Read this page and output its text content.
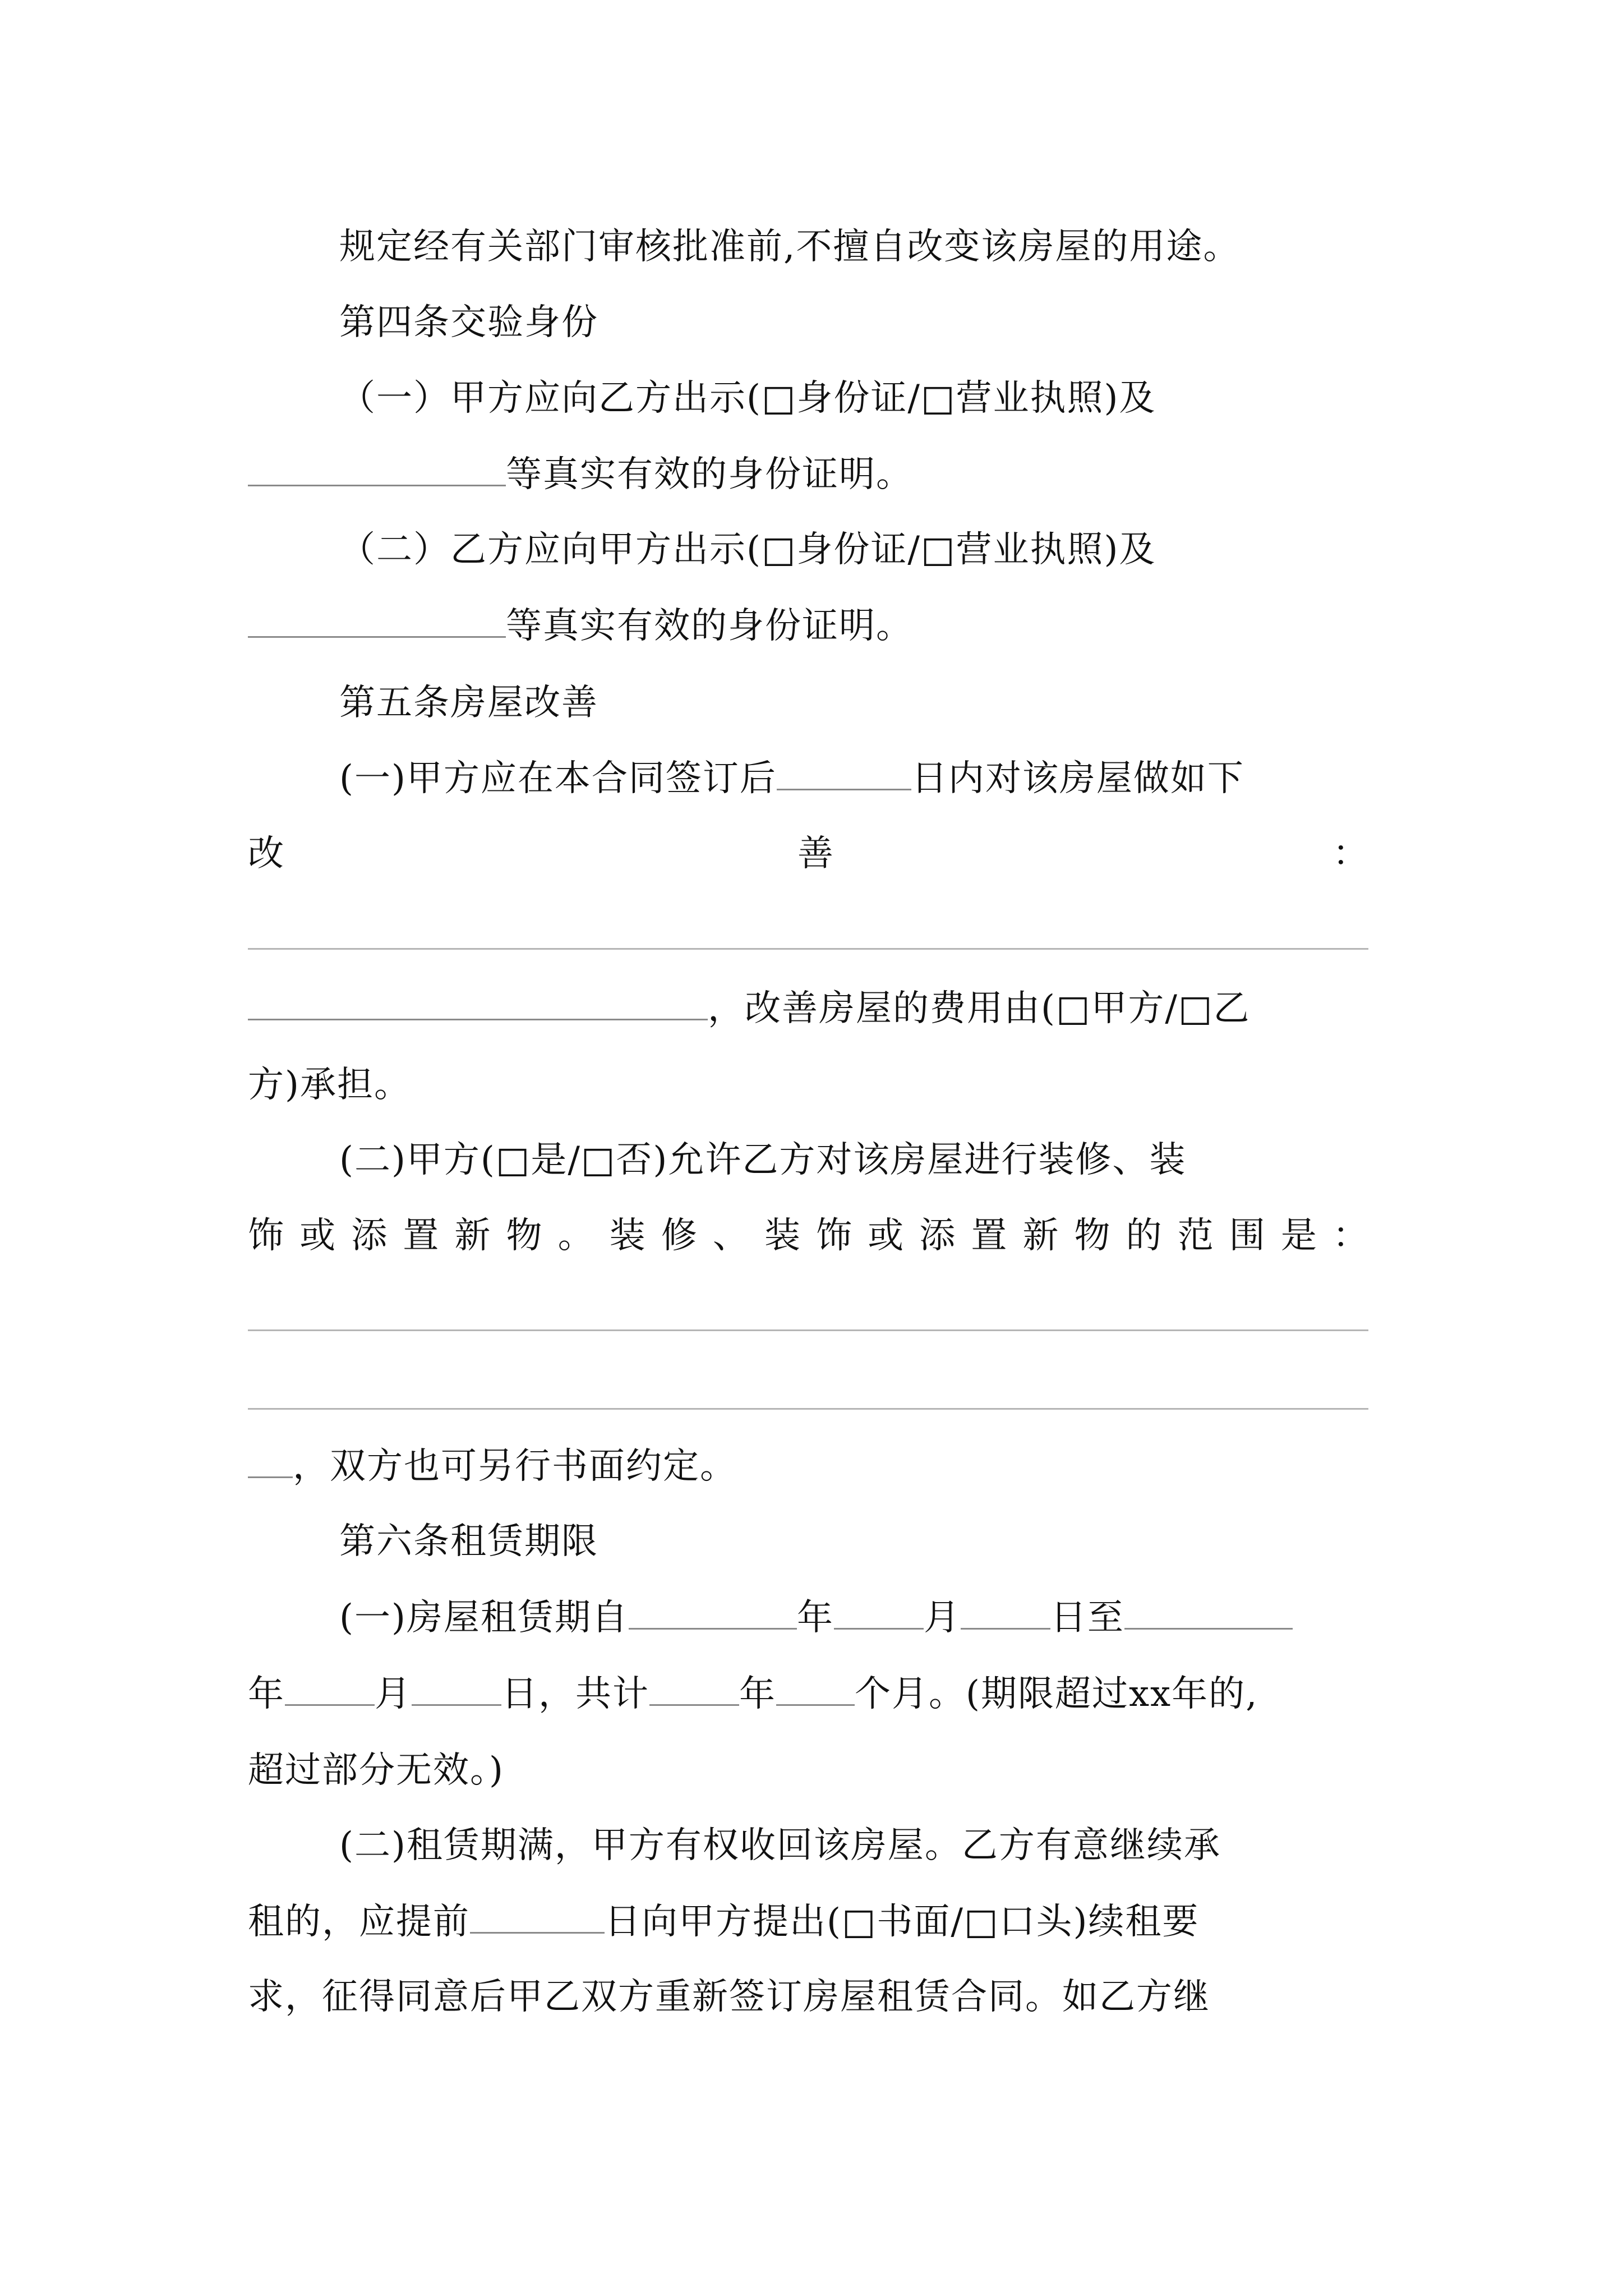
规定经有关部门审核批准前,不擅自改变该房屋的用途。
第四条交验身份
（一）甲方应向乙方出示(□身份证/□营业执照)及
等真实有效的身份证明。
（二）乙方应向甲方出示(□身份证/□营业执照)及
等真实有效的身份证明。
第五条房屋改善
(一)甲方应在本合同签订后	日内对该房屋做如下
改	善	：
，改善房屋的费用由(□甲方/□乙
方)承担。
(二)甲方(□是/□否)允许乙方对该房屋进行装修、装
饰或添置新物。装修、装饰或添置新物的范围是：
，双方也可另行书面约定。
第六条租赁期限
(一)房屋租赁期自	年	月	日至
年	月	日，共计	年 个月。(期限超过xx年的,
超过部分无效。)
(二)租赁期满，甲方有权收回该房屋。乙方有意继续承
租的，应提前	日向甲方提出(□书面/□口头)续租要
求，征得同意后甲乙双方重新签订房屋租赁合同。如乙方继
